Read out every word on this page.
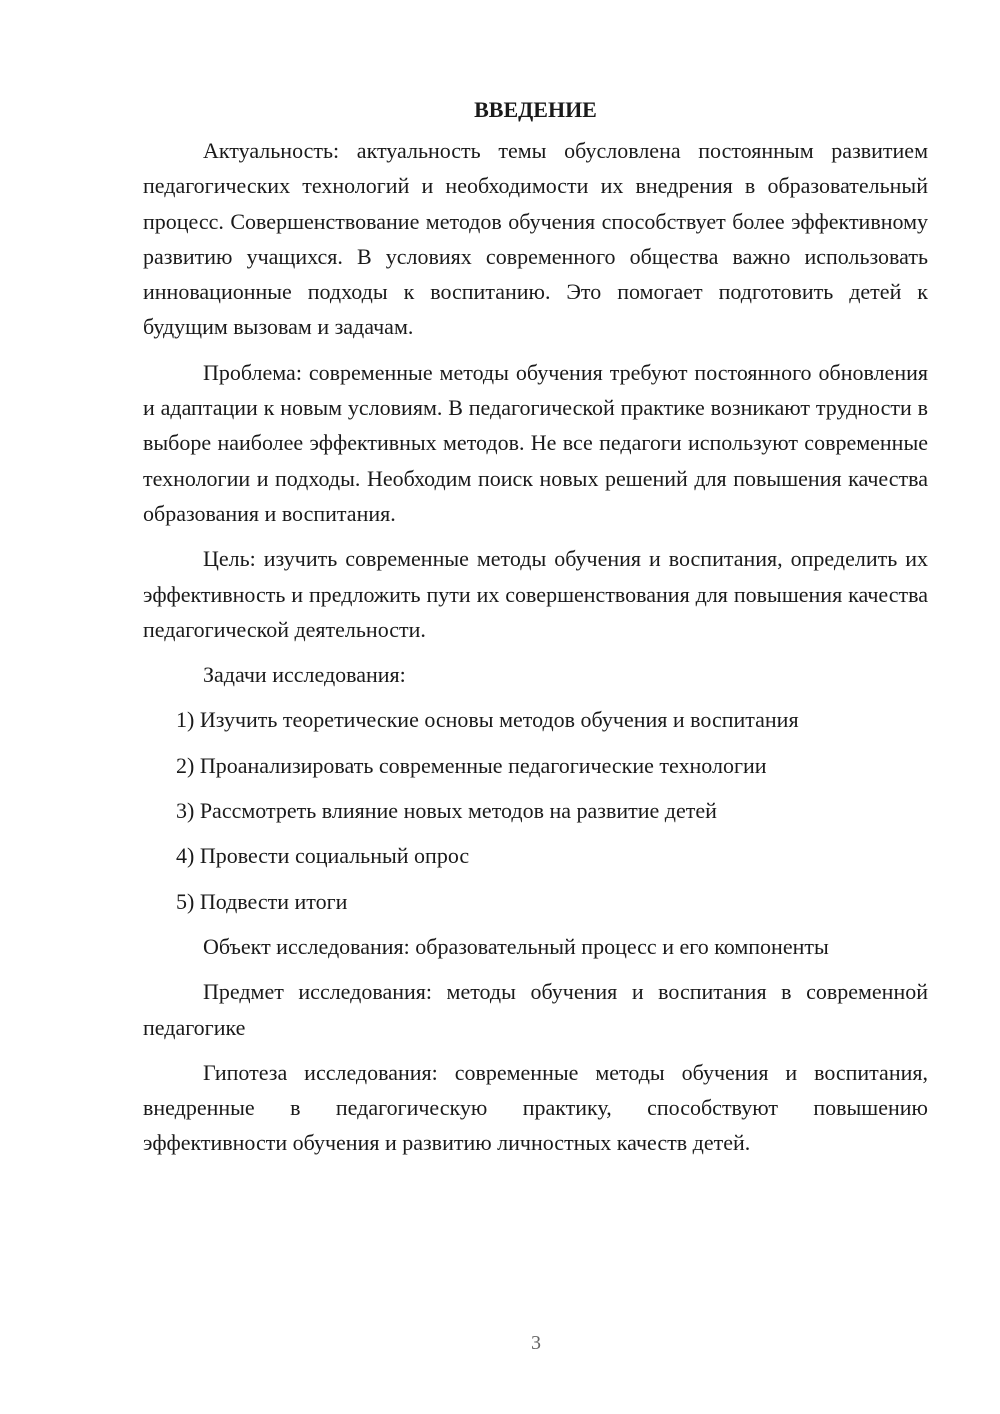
ВВЕДЕНИЕ

Актуальность: актуальность темы обусловлена постоянным развитием педагогических технологий и необходимости их внедрения в образовательный процесс. Совершенствование методов обучения способствует более эффективному развитию учащихся. В условиях современного общества важно использовать инновационные подходы к воспитанию. Это помогает подготовить детей к будущим вызовам и задачам.

Проблема: современные методы обучения требуют постоянного обновления и адаптации к новым условиям. В педагогической практике возникают трудности в выборе наиболее эффективных методов. Не все педагоги используют современные технологии и подходы. Необходим поиск новых решений для повышения качества образования и воспитания.

Цель: изучить современные методы обучения и воспитания, определить их эффективность и предложить пути их совершенствования для повышения качества педагогической деятельности.

Задачи исследования:

1) Изучить теоретические основы методов обучения и воспитания
2) Проанализировать современные педагогические технологии
3) Рассмотреть влияние новых методов на развитие детей
4) Провести социальный опрос
5) Подвести итоги

Объект исследования: образовательный процесс и его компоненты

Предмет исследования: методы обучения и воспитания в современной педагогике

Гипотеза исследования: современные методы обучения и воспитания, внедренные в педагогическую практику, способствуют повышению эффективности обучения и развитию личностных качеств детей.

3
